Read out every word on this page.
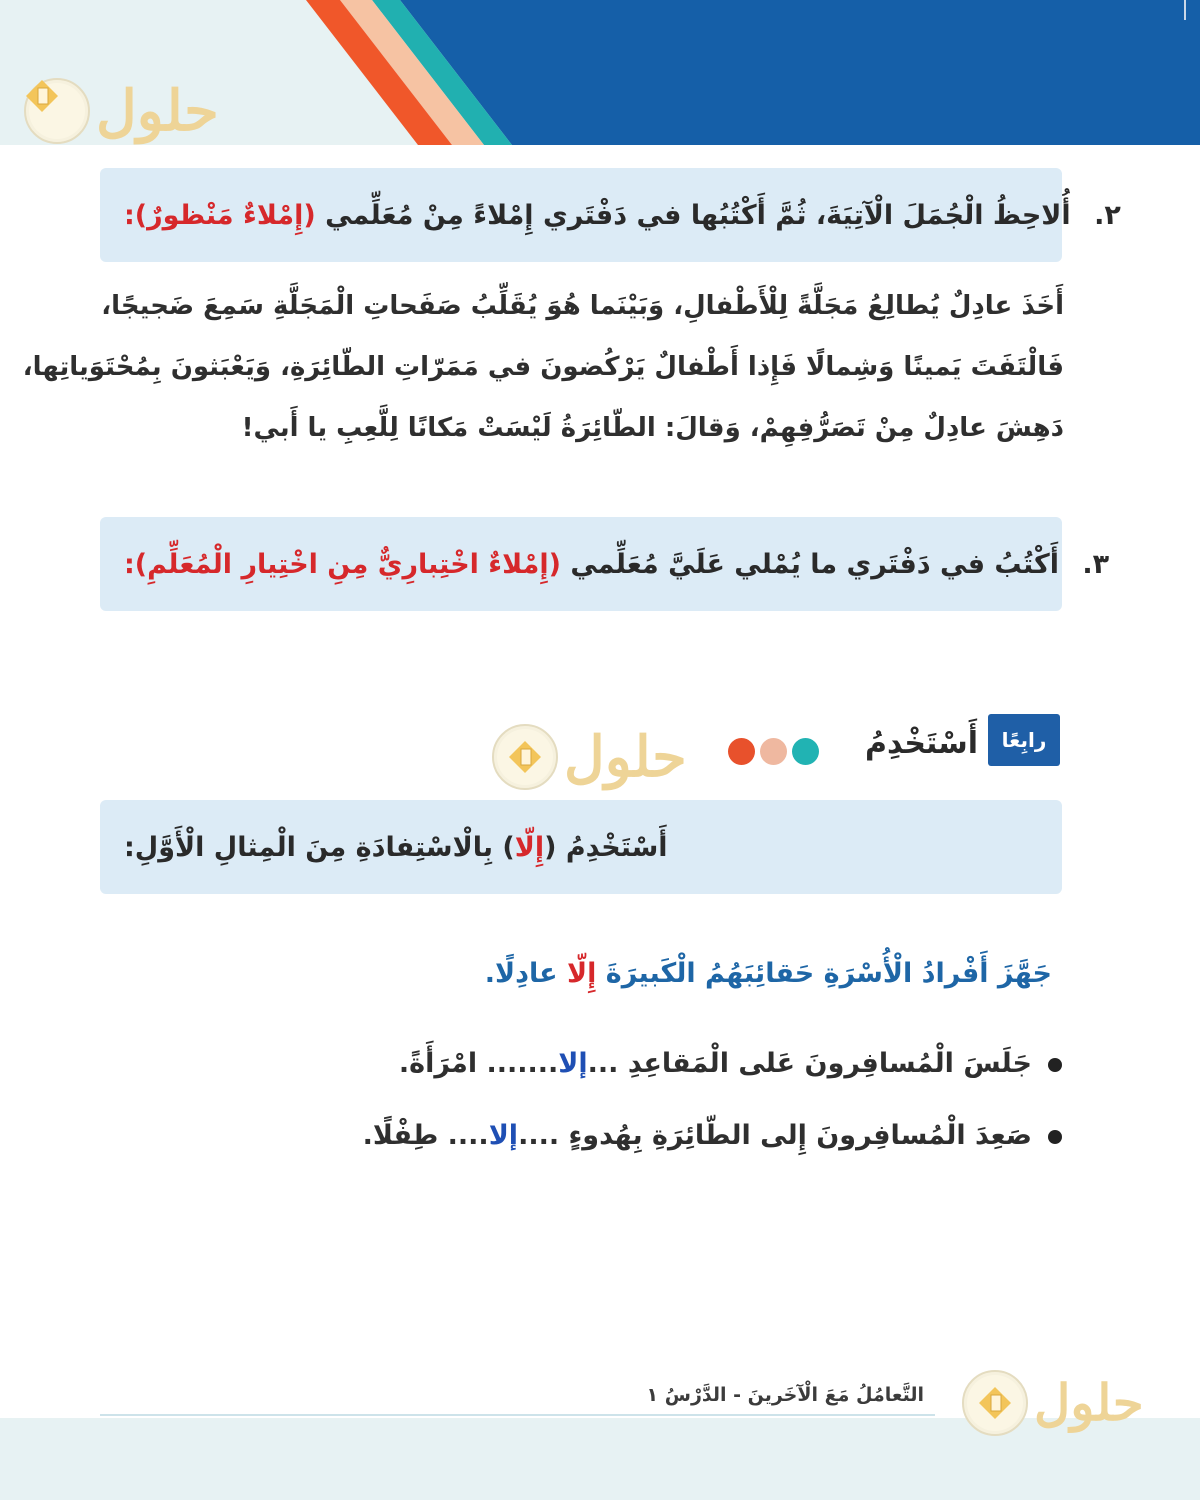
حلول
٢. أُلاحِظُ الْجُمَلَ الْآتِيَةَ، ثُمَّ أَكْتُبُها في دَفْتَري إِمْلاءً مِنْ مُعَلِّمي (إِمْلاءٌ مَنْظورٌ):
أَخَذَ عادِلٌ يُطالِعُ مَجَلَّةً لِلْأَطْفالِ، وَبَيْنَما هُوَ يُقَلِّبُ صَفَحاتِ الْمَجَلَّةِ سَمِعَ ضَجيجًا،
فَالْتَفَتَ يَمينًا وَشِمالًا فَإِذا أَطْفالٌ يَرْكُضونَ في مَمَرّاتِ الطّائِرَةِ، وَيَعْبَثونَ بِمُحْتَوَياتِها،
دَهِشَ عادِلٌ مِنْ تَصَرُّفِهِمْ، وَقالَ: الطّائِرَةُ لَيْسَتْ مَكانًا لِلَّعِبِ يا أَبي!
٣. أَكْتُبُ في دَفْتَري ما يُمْلي عَلَيَّ مُعَلِّمي (إِمْلاءٌ اخْتِبارِيٌّ مِنِ اخْتِيارِ الْمُعَلِّمِ):
حلول	أَسْتَخْدِمُ	رابِعًا
أَسْتَخْدِمُ (إِلّا) بِالْاسْتِفادَةِ مِنَ الْمِثالِ الْأَوَّلِ:
جَهَّزَ أَفْرادُ الْأُسْرَةِ حَقائِبَهُمُ الْكَبيرَةَ إِلّا عادِلًا.
جَلَسَ الْمُسافِرونَ عَلى الْمَقاعِدِ ...إلا....... امْرَأَةً.
صَعِدَ الْمُسافِرونَ إِلى الطّائِرَةِ بِهُدوءٍ ....إلا.... طِفْلًا.
التَّعامُلُ مَعَ الْآخَرينَ - الدَّرْسُ ١ حلول
